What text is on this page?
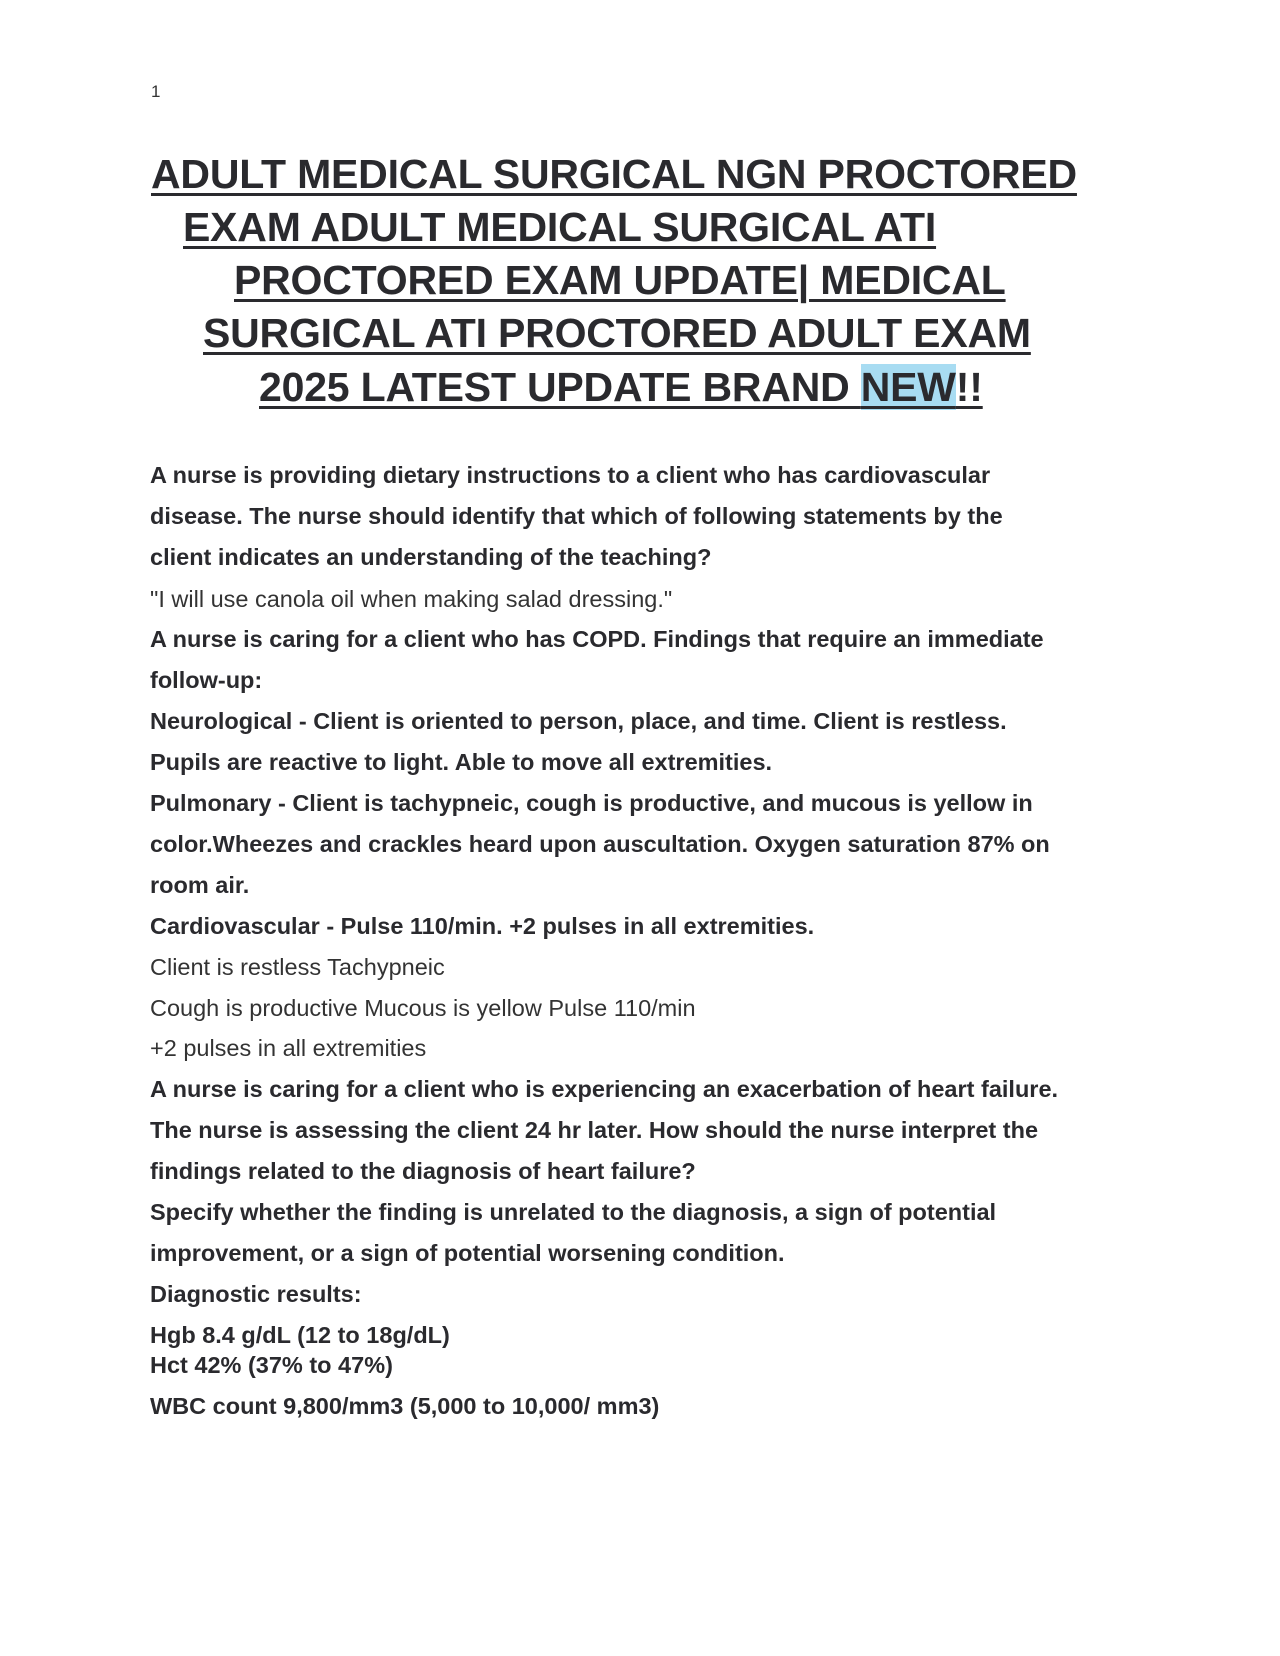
1
ADULT MEDICAL SURGICAL NGN PROCTORED
EXAM ADULT MEDICAL SURGICAL ATI
PROCTORED EXAM UPDATE| MEDICAL
SURGICAL ATI PROCTORED ADULT EXAM
2025 LATEST UPDATE BRAND NEW!!
A nurse is providing dietary instructions to a client who has cardiovascular
disease. The nurse should identify that which of following statements by the
client indicates an understanding of the teaching?
"I will use canola oil when making salad dressing."
A nurse is caring for a client who has COPD. Findings that require an immediate
follow-up:
Neurological - Client is oriented to person, place, and time. Client is restless.
Pupils are reactive to light. Able to move all extremities.
Pulmonary - Client is tachypneic, cough is productive, and mucous is yellow in
color.Wheezes and crackles heard upon auscultation. Oxygen saturation 87% on
room air.
Cardiovascular - Pulse 110/min. +2 pulses in all extremities.
Client is restless Tachypneic
Cough is productive Mucous is yellow Pulse 110/min
+2 pulses in all extremities
A nurse is caring for a client who is experiencing an exacerbation of heart failure.
The nurse is assessing the client 24 hr later. How should the nurse interpret the
findings related to the diagnosis of heart failure?
Specify whether the finding is unrelated to the diagnosis, a sign of potential
improvement, or a sign of potential worsening condition.
Diagnostic results:
Hgb 8.4 g/dL (12 to 18g/dL)
Hct 42% (37% to 47%)
WBC count 9,800/mm3 (5,000 to 10,000/ mm3)
